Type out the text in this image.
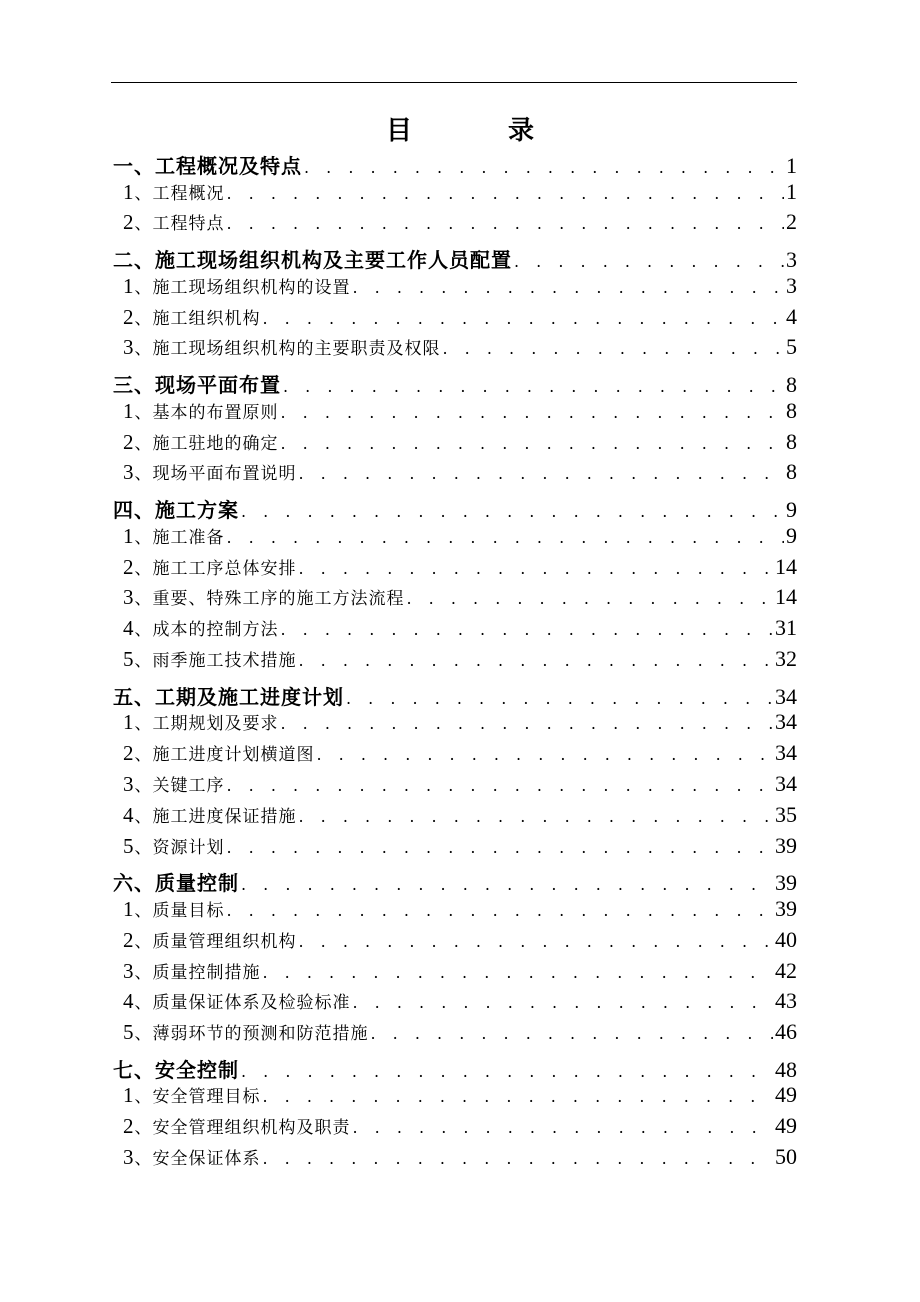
目	录
一、工程概况及特点 . . .	1
1、工程概况 . . .	1
2、工程特点 . . .	2
二、施工现场组织机构及主要工作人员配置 . . .	3
1、施工现场组织机构的设置 . . .	3
2、施工组织机构 . . .	4
3、施工现场组织机构的主要职责及权限 . . .	5
三、现场平面布置 . . .	8
1、基本的布置原则 . . .	8
2、施工驻地的确定 . . .	8
3、现场平面布置说明 . . .	8
四、施工方案 . . .	9
1、施工准备 . . .	9
2、施工工序总体安排 . . .	14
3、重要、特殊工序的施工方法流程 . . .	14
4、成本的控制方法 . . .	31
5、雨季施工技术措施 . . .	32
五、工期及施工进度计划 . . .	34
1、工期规划及要求 . . .	34
2、施工进度计划横道图 . . .	34
3、关键工序 . . .	34
4、施工进度保证措施 . . .	35
5、资源计划 . . .	39
六、质量控制 . . .	39
1、质量目标 . . .	39
2、质量管理组织机构 . . .	40
3、质量控制措施 . . .	42
4、质量保证体系及检验标准 . . .	43
5、薄弱环节的预测和防范措施 . . .	46
七、安全控制 . . .	48
1、安全管理目标 . . .	49
2、安全管理组织机构及职责 . . .	49
3、安全保证体系 . . .	50
